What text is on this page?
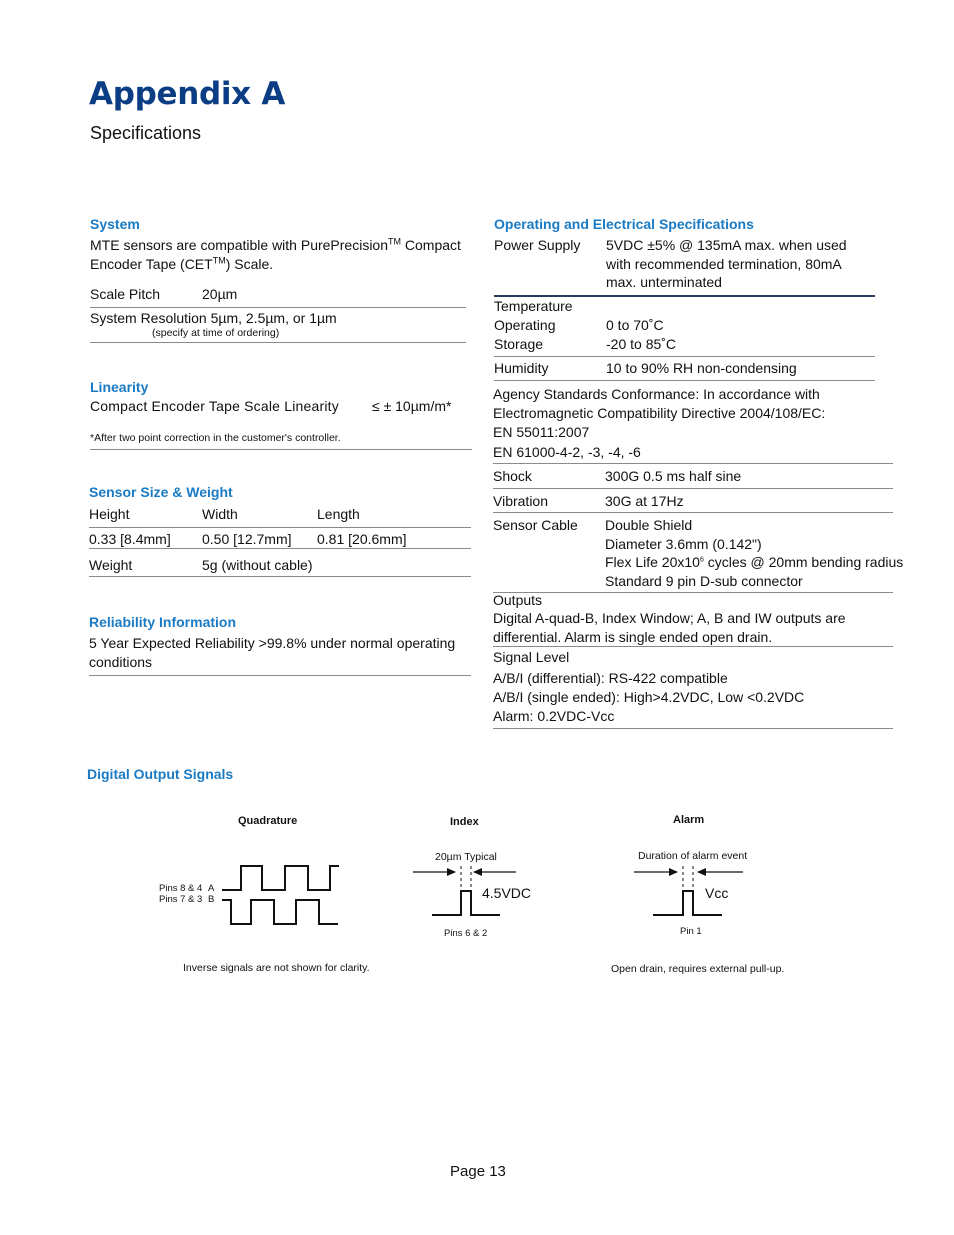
Appendix A
Specifications
System
MTE sensors are compatible with PurePrecision™ Compact
Encoder Tape (CET™) Scale.
Scale Pitch	20µm
System Resolution 5µm, 2.5µm, or 1µm
(specify at time of ordering)
Linearity
Compact Encoder Tape Scale Linearity ≤ ± 10µm/m*
*After two point correction in the customer's controller.
Sensor Size & Weight
Height	Width	Length
0.33 [8.4mm] 0.50 [12.7mm] 0.81 [20.6mm]
Weight	5g (without cable)
Reliability Information
5 Year Expected Reliability >99.8% under normal operating
conditions
Operating and Electrical Specifications
Power Supply 5VDC ±5% @ 135mA max. when used
with recommended termination, 80mA
max. unterminated
Temperature
Operating	0 to 70˚C
Storage	-20 to 85˚C
Humidity	10 to 90% RH non-condensing
Agency Standards Conformance: In accordance with
Electromagnetic Compatibility Directive 2004/108/EC:
EN 55011:2007
EN 61000-4-2, -3, -4, -6
Shock	300G 0.5 ms half sine
Vibration	30G at 17Hz
Sensor Cable Double Shield
Diameter 3.6mm (0.142")
Flex Life $20x10^6$ cycles @ 20mm bending radius
Standard 9 pin D-sub connector
Outputs
Digital A-quad-B, Index Window; A, B and IW outputs are
differential. Alarm is single ended open drain.
Signal Level
A/B/I (differential): RS-422 compatible
A/B/I (single ended): High>4.2VDC, Low <0.2VDC
Alarm: 0.2VDC-Vcc
Digital Output Signals
Quadrature
Pins 8 & 4 A
Pins 7 & 3 B
Inverse signals are not shown for clarity.
Index
20µm Typical
4.5VDC
Pins 6 & 2
Alarm
Duration of alarm event
Vcc
Pin 1
Open drain, requires external pull-up.
Page 13
